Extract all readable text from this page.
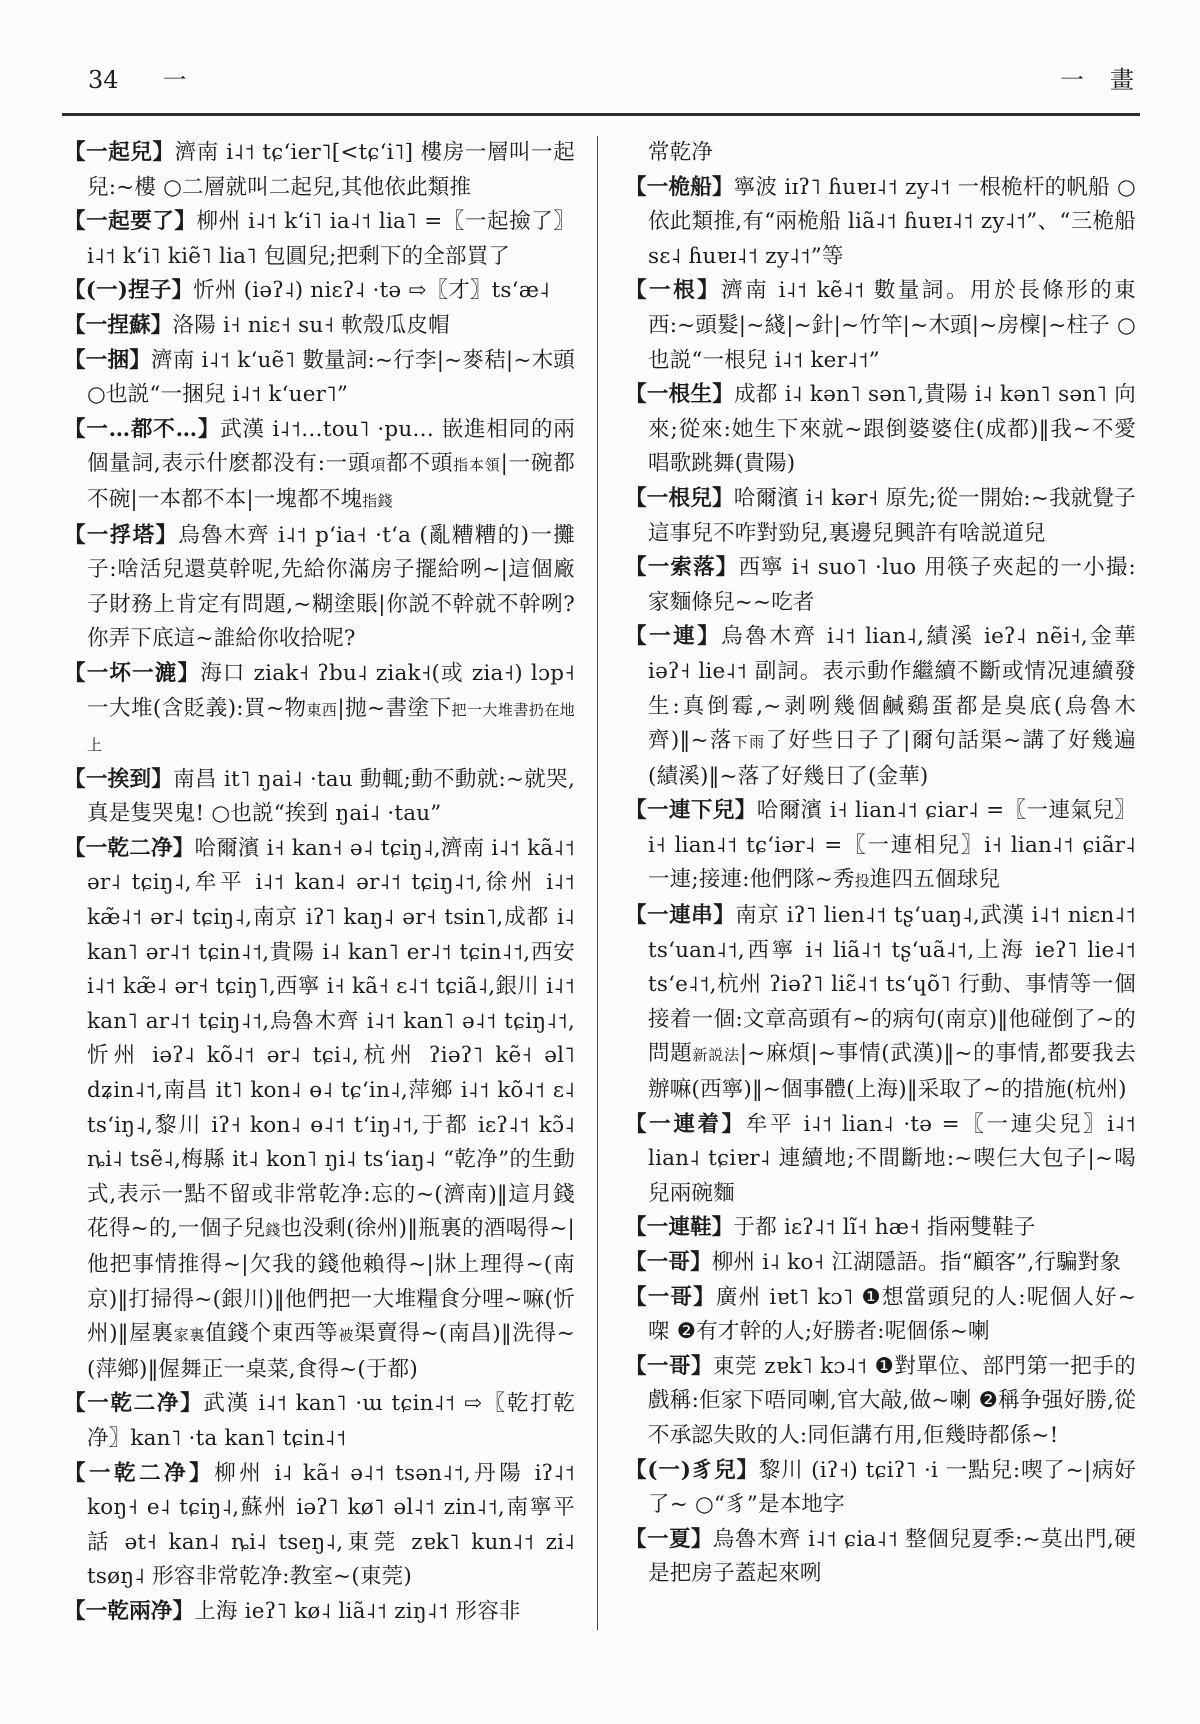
34 一	一 畫

【一起兒】濟南 i˨˦ tɕʻier˥[<tɕʻi˥] 樓房一層叫一起兒:~樓 ○二層就叫二起兒,其他依此類推

【一起要了】柳州 i˨˦ kʻi˥ ia˨˦ lia˥ =〖一起撿了〗i˨˦ kʻi˥ kiẽ˥ lia˥ 包圓兒;把剩下的全部買了

【(一)捏子】忻州 (iəʔ˨) niɛʔ˨ ·tə ⇨〖才〗tsʻæ˨

【一捏蘇】洛陽 i˧ niɛ˧ su˧ 軟殼瓜皮帽

【一捆】濟南 i˨˦ kʻuẽ˥ 數量詞:~行李|~麥秸|~木頭 ○也説“一捆兒 i˨˦ kʻuer˥”

【一…都不…】武漢 i˨˦…tou˥ ·pu… 嵌進相同的兩個量詞,表示什麽都没有:一頭項都不頭指本領|一碗都不碗|一本都不本|一塊都不塊指錢

【一捊塔】烏魯木齊 i˨˦ pʻia˧ ·tʻa (亂糟糟的)一攤子:啥活兒還莫幹呢,先給你滿房子擺給咧~|這個廠子財務上肯定有問題,~糊塗賬|你説不幹就不幹咧? 你弄下底這~誰給你收拾呢?

【一坏一漉】海口 ziak˧ ʔbu˨ ziak˧(或 zia˧) lɔp˧ 一大堆(含貶義):買~物東西|抛~書塗下把一大堆書扔在地上

【一挨到】南昌 it˥ ŋai˨ ·tau 動輒;動不動就:~就哭,真是隻哭鬼! ○也説“挨到 ŋai˨ ·tau”

【一乾二净】哈爾濱 i˧ kan˧ ə˨ tɕiŋ˨,濟南 i˨˦ kã˨˦ ər˨ tɕiŋ˨,牟平 i˨˦ kan˨ ər˨˦ tɕiŋ˨˦,徐州 i˨˦ kæ̃˨˦ ər˨ tɕiŋ˨,南京 iʔ˥ kaŋ˨ ər˧ tsin˥,成都 i˨ kan˥ ər˨˦ tɕin˨˦,貴陽 i˨ kan˥ er˨˦ tɕin˨˦,西安 i˨˦ kæ̃˨ ər˧ tɕiŋ˥,西寧 i˧ kã˧ ɛ˨˦ tɕiã˨,銀川 i˨˦ kan˥ ar˨˦ tɕiŋ˨˦,烏魯木齊 i˨˦ kan˥ ə˨˦ tɕiŋ˨˦,忻州 iəʔ˨ kõ˨˦ ər˨ tɕi˨,杭州 ʔiəʔ˥ kẽ˧ əl˥ dʑin˨˦,南昌 it˥ kon˨ ɵ˨ tɕʻin˨,萍鄉 i˨˦ kõ˨˦ ɛ˨ tsʻiŋ˨,黎川 iʔ˧ kon˨ ɵ˨˦ tʻiŋ˨˦,于都 iɛʔ˨˦ kɔ̃˨ ȵi˨ tsẽ˨,梅縣 it˨ kon˥ ŋi˨ tsʻiaŋ˨ “乾净”的生動式,表示一點不留或非常乾净:忘的~(濟南)‖這月錢花得~的,一個子兒錢也没剩(徐州)‖瓶裏的酒喝得~|他把事情推得~|欠我的錢他賴得~|牀上理得~(南京)‖打掃得~(銀川)‖他們把一大堆糧食分哩~嘛(忻州)‖屋裏家裏值錢个東西等被渠賣得~(南昌)‖洗得~(萍鄉)‖偓舞正一桌菜,食得~(于都)

【一乾二净】武漢 i˨˦ kan˥ ·ɯ tɕin˨˦ ⇨〖乾打乾净〗kan˥ ·ta kan˥ tɕin˨˦

【一乾二净】柳州 i˨ kã˧ ə˨˦ tsən˨˦,丹陽 iʔ˨˦ koŋ˧ e˨ tɕiŋ˨,蘇州 iəʔ˥ kø˥ əl˨˦ zin˨˦,南寧平話 ət˧ kan˨ ȵi˨ tseŋ˨,東莞 zɐk˥ kun˨˦ zi˨ tsøŋ˨ 形容非常乾净:教室~(東莞)

【一乾兩净】上海 ieʔ˥ kø˨ liã˨˦ ziŋ˨˦ 形容非

常乾净

【一桅船】寧波 iɪʔ˥ ɦuɐɪ˨˦ zy˨˦ 一根桅杆的帆船 ○依此類推,有“兩桅船 liã˨˦ ɦuɐɪ˨˦ zy˨˦”、“三桅船 sɛ˨ ɦuɐɪ˨˦ zy˨˦”等

【一根】濟南 i˨˦ kẽ˨˦ 數量詞。用於長條形的東西:~頭髮|~綫|~針|~竹竿|~木頭|~房檁|~柱子 ○也説“一根兒 i˨˦ ker˨˦”

【一根生】成都 i˨ kən˥ sən˥,貴陽 i˨ kən˥ sən˥ 向來;從來:她生下來就~跟倒婆婆住(成都)‖我~不愛唱歌跳舞(貴陽)

【一根兒】哈爾濱 i˧ kər˧ 原先;從一開始:~我就覺子這事兒不咋對勁兒,裏邊兒興許有啥説道兒

【一索落】西寧 i˧ suo˥ ·luo 用筷子夾起的一小撮:家麵條兒~~吃者

【一連】烏魯木齊 i˨˦ lian˨,績溪 ieʔ˨ nẽi˧,金華 iəʔ˧ lie˨˦ 副詞。表示動作繼續不斷或情况連續發生:真倒霉,~剥咧幾個鹹鷄蛋都是臭底(烏魯木齊)‖~落下雨了好些日子了|爾句話渠~講了好幾遍(績溪)‖~落了好幾日了(金華)

【一連下兒】哈爾濱 i˧ lian˨˦ ɕiar˨ =〖一連氣兒〗i˧ lian˨˦ tɕʻiər˨ =〖一連相兒〗i˧ lian˨˦ ɕiãr˨ 一連;接連:他們隊~秀投進四五個球兒

【一連串】南京 iʔ˥ lien˨˦ tʂʻuaŋ˨,武漢 i˨˦ niɛn˨˦ tsʻuan˨˦,西寧 i˧ liã˨˦ tʂʻuã˨˦,上海 ieʔ˥ lie˨˦ tsʻe˨˦,杭州 ʔiəʔ˥ liɛ̃˨˦ tsʻɥõ˥ 行動、事情等一個接着一個:文章高頭有~的病句(南京)‖他碰倒了~的問題新説法|~麻煩|~事情(武漢)‖~的事情,都要我去辦嘛(西寧)‖~個事體(上海)‖采取了~的措施(杭州)

【一連着】牟平 i˨˦ lian˨ ·tə =〖一連尖兒〗i˨˦ lian˨ tɕiɐr˨ 連續地;不間斷地:~喫仨大包子|~喝兒兩碗麵

【一連鞋】于都 iɛʔ˨˦ lĩ˧ hæ˧ 指兩雙鞋子

【一哥】柳州 i˨ ko˧ 江湖隱語。指“顧客”,行騙對象

【一哥】廣州 iɐt˥ kɔ˥ ❶想當頭兒的人:呢個人好~㗎 ❷有才幹的人;好勝者:呢個係~喇

【一哥】東莞 zɐk˥ kɔ˨˦ ❶對單位、部門第一把手的戲稱:佢家下唔同喇,官大敲,做~喇 ❷稱争强好勝,從不承認失敗的人:同佢講冇用,佢幾時都係~!

【(一)豸兒】黎川 (iʔ˧) tɕiʔ˥ ·i 一點兒:喫了~|病好了~ ○“豸”是本地字

【一夏】烏魯木齊 i˨˦ ɕia˨˦ 整個兒夏季:~莫出門,硬是把房子蓋起來咧
